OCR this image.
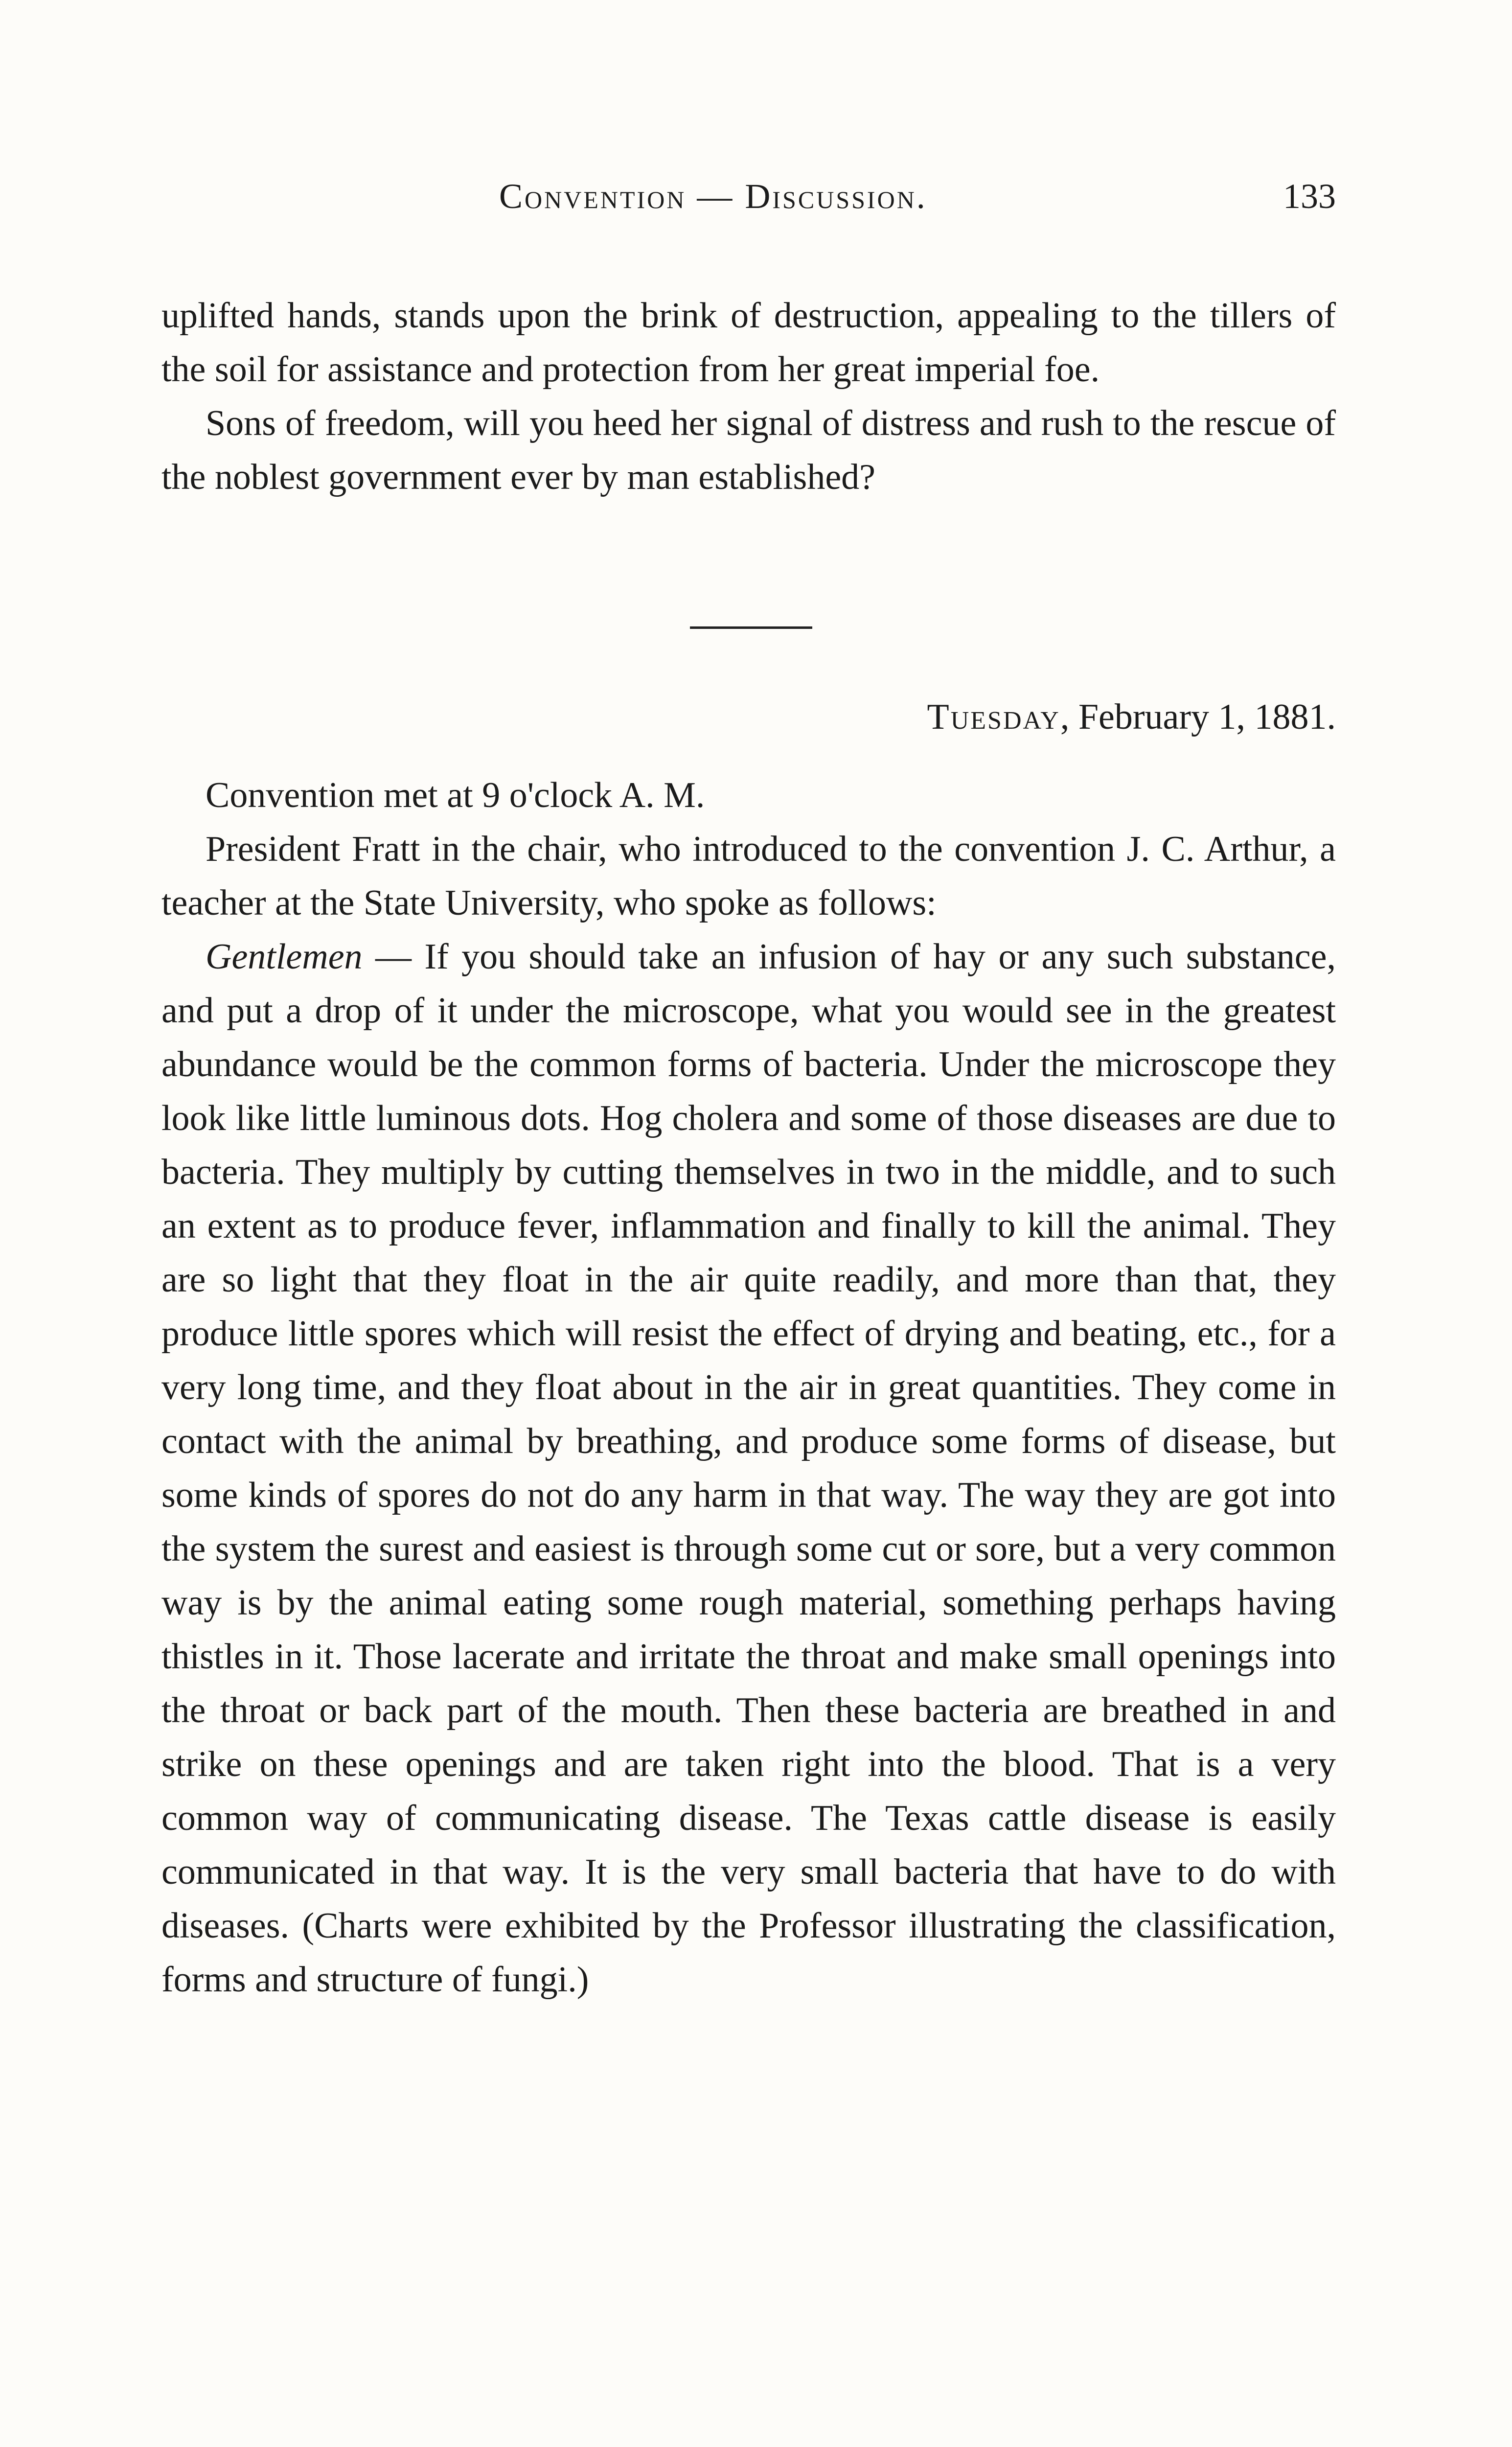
Convention — Discussion.	133

uplifted hands, stands upon the brink of destruction, appealing to the tillers of the soil for assistance and protection from her great imperial foe.

Sons of freedom, will you heed her signal of distress and rush to the rescue of the noblest government ever by man established?

Tuesday, February 1, 1881.

Convention met at 9 o'clock A. M.

President Fratt in the chair, who introduced to the convention J. C. Arthur, a teacher at the State University, who spoke as follows:

Gentlemen — If you should take an infusion of hay or any such substance, and put a drop of it under the microscope, what you would see in the greatest abundance would be the common forms of bacteria. Under the microscope they look like little luminous dots. Hog cholera and some of those diseases are due to bacteria. They multiply by cutting themselves in two in the middle, and to such an extent as to produce fever, inflammation and finally to kill the animal. They are so light that they float in the air quite readily, and more than that, they produce little spores which will resist the effect of drying and beating, etc., for a very long time, and they float about in the air in great quantities. They come in contact with the animal by breathing, and produce some forms of disease, but some kinds of spores do not do any harm in that way. The way they are got into the system the surest and easiest is through some cut or sore, but a very common way is by the animal eating some rough material, something perhaps having thistles in it. Those lacerate and irritate the throat and make small openings into the throat or back part of the mouth. Then these bacteria are breathed in and strike on these openings and are taken right into the blood. That is a very common way of communicating disease. The Texas cattle disease is easily communicated in that way. It is the very small bacteria that have to do with diseases. (Charts were exhibited by the Professor illustrating the classification, forms and structure of fungi.)
